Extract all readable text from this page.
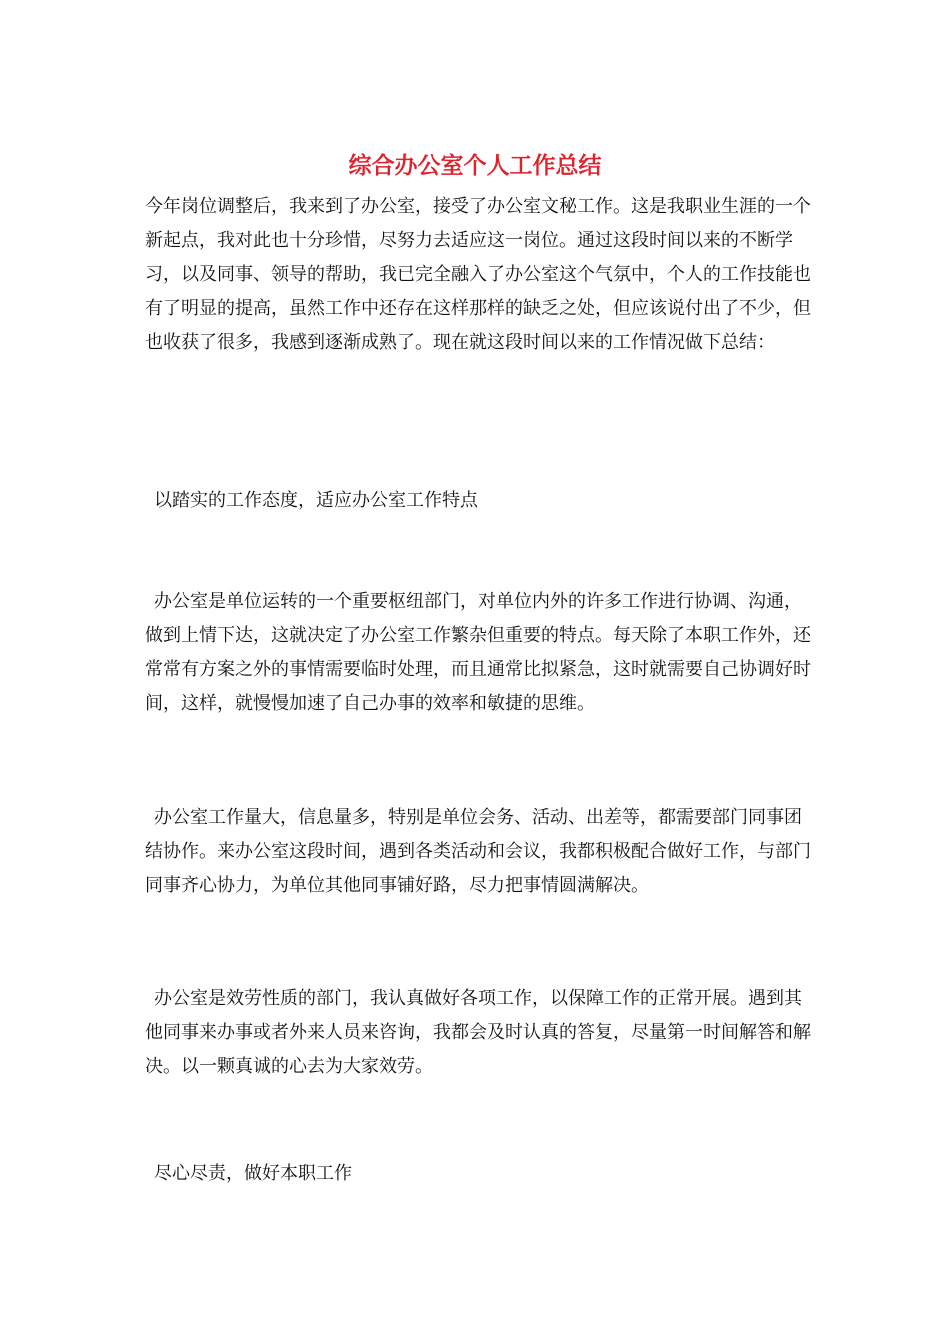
综合办公室个人工作总结

今年岗位调整后，我来到了办公室，接受了办公室文秘工作。这是我职业生涯的一个新起点，我对此也十分珍惜，尽努力去适应这一岗位。通过这段时间以来的不断学习，以及同事、领导的帮助，我已完全融入了办公室这个气氛中，个人的工作技能也有了明显的提高，虽然工作中还存在这样那样的缺乏之处，但应该说付出了不少，但也收获了很多，我感到逐渐成熟了。现在就这段时间以来的工作情况做下总结：

以踏实的工作态度，适应办公室工作特点

办公室是单位运转的一个重要枢纽部门，对单位内外的许多工作进行协调、沟通，做到上情下达，这就决定了办公室工作繁杂但重要的特点。每天除了本职工作外，还常常有方案之外的事情需要临时处理，而且通常比拟紧急，这时就需要自己协调好时间，这样，就慢慢加速了自己办事的效率和敏捷的思维。

办公室工作量大，信息量多，特别是单位会务、活动、出差等，都需要部门同事团结协作。来办公室这段时间，遇到各类活动和会议，我都积极配合做好工作，与部门同事齐心协力，为单位其他同事铺好路，尽力把事情圆满解决。

办公室是效劳性质的部门，我认真做好各项工作，以保障工作的正常开展。遇到其他同事来办事或者外来人员来咨询，我都会及时认真的答复，尽量第一时间解答和解决。以一颗真诚的心去为大家效劳。

尽心尽责，做好本职工作
